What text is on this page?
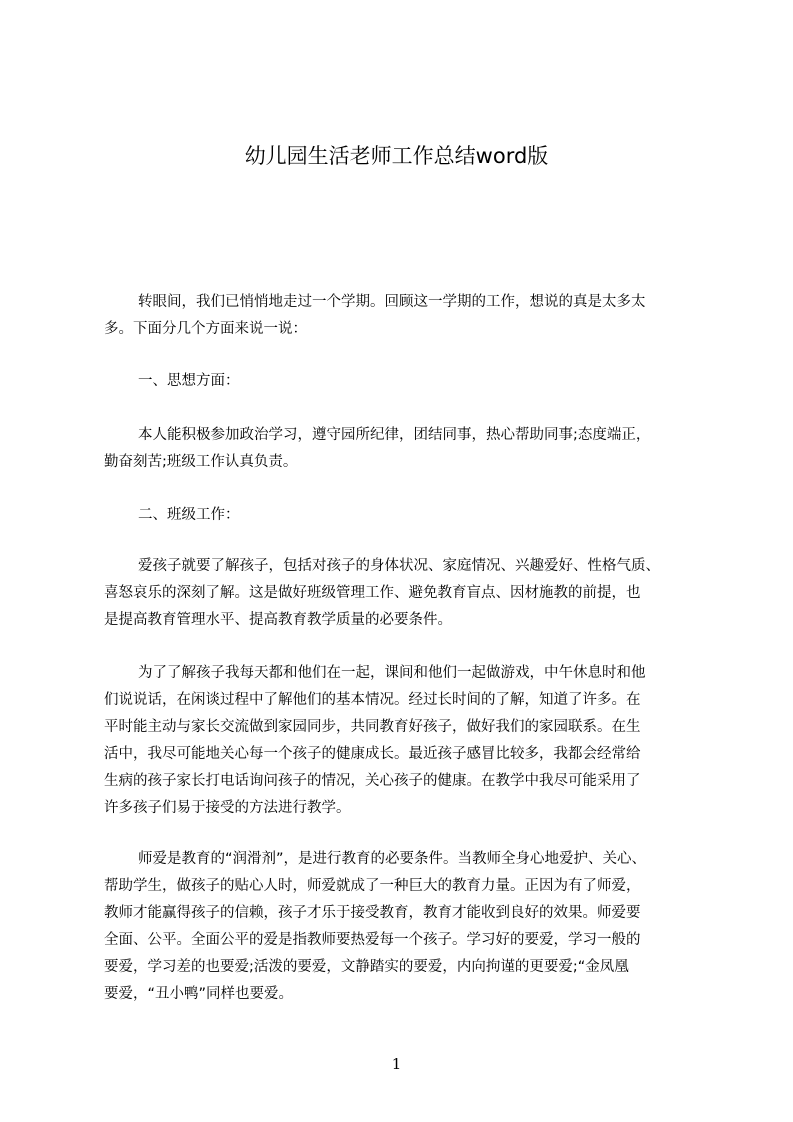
幼儿园生活老师工作总结word版
转眼间，我们已悄悄地走过一个学期。回顾这一学期的工作，想说的真是太多太
多。下面分几个方面来说一说：
一、思想方面：
本人能积极参加政治学习，遵守园所纪律，团结同事，热心帮助同事;态度端正，
勤奋刻苦;班级工作认真负责。
二、班级工作：
爱孩子就要了解孩子，包括对孩子的身体状况、家庭情况、兴趣爱好、性格气质、
喜怒哀乐的深刻了解。这是做好班级管理工作、避免教育盲点、因材施教的前提，也
是提高教育管理水平、提高教育教学质量的必要条件。
为了了解孩子我每天都和他们在一起，课间和他们一起做游戏，中午休息时和他
们说说话，在闲谈过程中了解他们的基本情况。经过长时间的了解，知道了许多。在
平时能主动与家长交流做到家园同步，共同教育好孩子，做好我们的家园联系。在生
活中，我尽可能地关心每一个孩子的健康成长。最近孩子感冒比较多，我都会经常给
生病的孩子家长打电话询问孩子的情况，关心孩子的健康。在教学中我尽可能采用了
许多孩子们易于接受的方法进行教学。
师爱是教育的“润滑剂”，是进行教育的必要条件。当教师全身心地爱护、关心、
帮助学生，做孩子的贴心人时，师爱就成了一种巨大的教育力量。正因为有了师爱，
教师才能赢得孩子的信赖，孩子才乐于接受教育，教育才能收到良好的效果。师爱要
全面、公平。全面公平的爱是指教师要热爱每一个孩子。学习好的要爱，学习一般的
要爱，学习差的也要爱;活泼的要爱，文静踏实的要爱，内向拘谨的更要爱;“金凤凰
要爱，“丑小鸭”同样也要爱。
1
